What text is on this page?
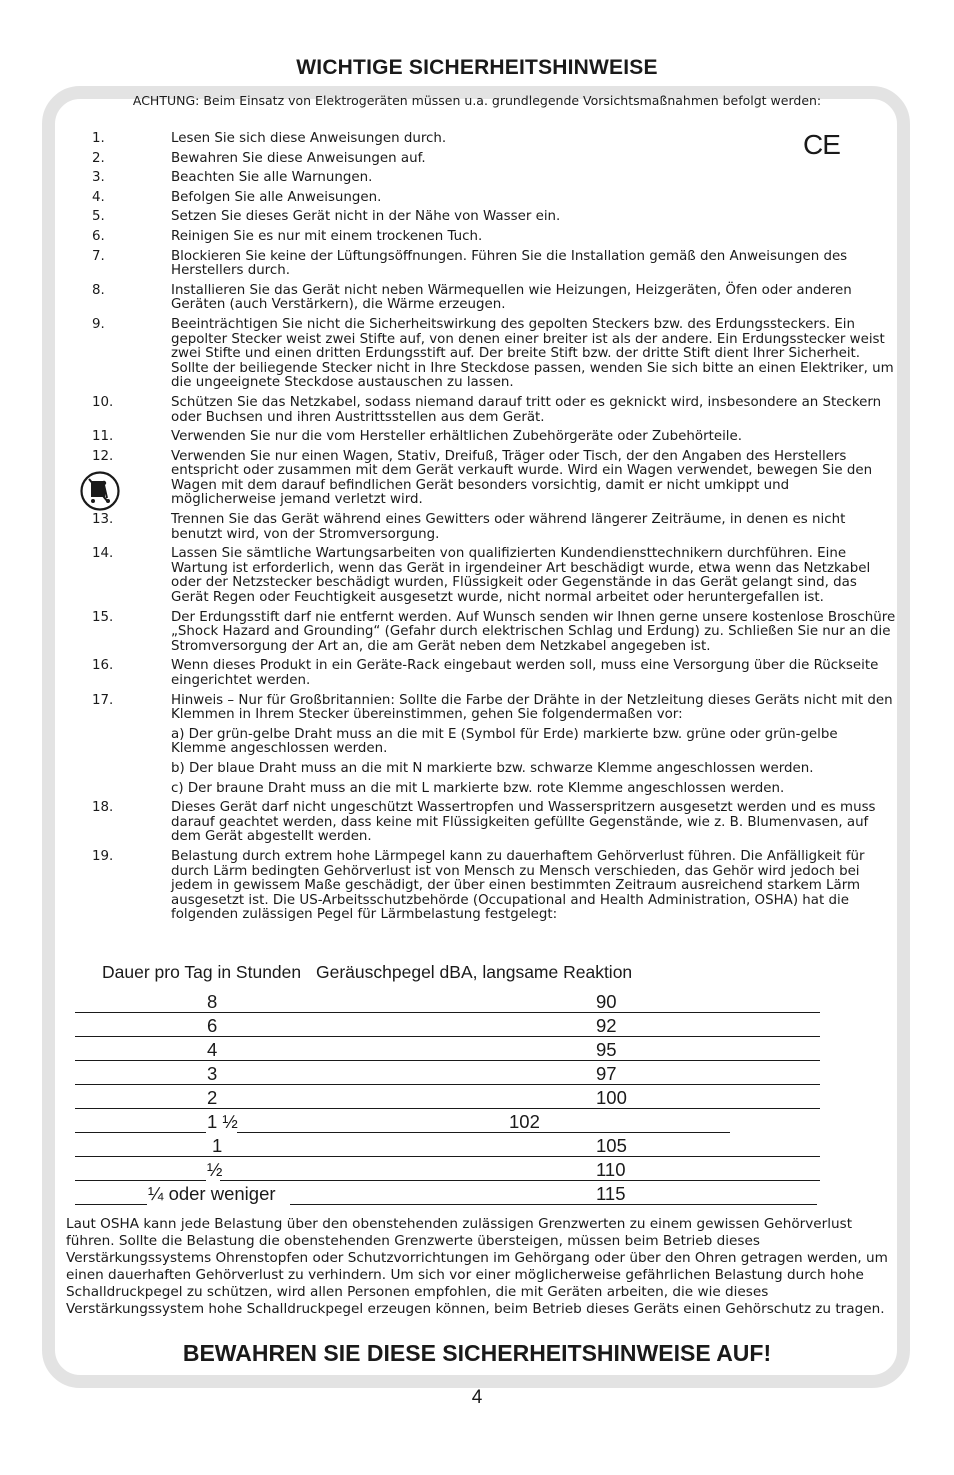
WICHTIGE SICHERHEITSHINWEISE
ACHTUNG: Beim Einsatz von Elektrogeräten müssen u.a. grundlegende Vorsichtsmaßnahmen befolgt werden:
CE
1.	Lesen Sie sich diese Anweisungen durch.
2.	Bewahren Sie diese Anweisungen auf.
3.	Beachten Sie alle Warnungen.
4.	Befolgen Sie alle Anweisungen.
5.	Setzen Sie dieses Gerät nicht in der Nähe von Wasser ein.
6.	Reinigen Sie es nur mit einem trockenen Tuch.
7.	Blockieren Sie keine der Lüftungsöffnungen. Führen Sie die Installation gemäß den Anweisungen des Herstellers durch.
8.	Installieren Sie das Gerät nicht neben Wärmequellen wie Heizungen, Heizgeräten, Öfen oder anderen Geräten (auch Verstärkern), die Wärme erzeugen.
9.	Beeinträchtigen Sie nicht die Sicherheitswirkung des gepolten Steckers bzw. des Erdungssteckers. Ein gepolter Stecker weist zwei Stifte auf, von denen einer breiter ist als der andere. Ein Erdungsstecker weist zwei Stifte und einen dritten Erdungsstift auf. Der breite Stift bzw. der dritte Stift dient Ihrer Sicherheit. Sollte der beiliegende Stecker nicht in Ihre Steckdose passen, wenden Sie sich bitte an einen Elektriker, um die ungeeignete Steckdose austauschen zu lassen.
10.	Schützen Sie das Netzkabel, sodass niemand darauf tritt oder es geknickt wird, insbesondere an Steckern oder Buchsen und ihren Austrittsstellen aus dem Gerät.
11.	Verwenden Sie nur die vom Hersteller erhältlichen Zubehörgeräte oder Zubehörteile.
12.	Verwenden Sie nur einen Wagen, Stativ, Dreifuß, Träger oder Tisch, der den Angaben des Herstellers entspricht oder zusammen mit dem Gerät verkauft wurde. Wird ein Wagen verwendet, bewegen Sie den Wagen mit dem darauf befindlichen Gerät besonders vorsichtig, damit er nicht umkippt und möglicherweise jemand verletzt wird.
13.	Trennen Sie das Gerät während eines Gewitters oder während längerer Zeiträume, in denen es nicht benutzt wird, von der Stromversorgung.
14.	Lassen Sie sämtliche Wartungsarbeiten von qualifizierten Kundendiensttechnikern durchführen. Eine Wartung ist erforderlich, wenn das Gerät in irgendeiner Art beschädigt wurde, etwa wenn das Netzkabel oder der Netzstecker beschädigt wurden, Flüssigkeit oder Gegenstände in das Gerät gelangt sind, das Gerät Regen oder Feuchtigkeit ausgesetzt wurde, nicht normal arbeitet oder heruntergefallen ist.
15.	Der Erdungsstift darf nie entfernt werden. Auf Wunsch senden wir Ihnen gerne unsere kostenlose Broschüre „Shock Hazard and Grounding“ (Gefahr durch elektrischen Schlag und Erdung) zu. Schließen Sie nur an die Stromversorgung der Art an, die am Gerät neben dem Netzkabel angegeben ist.
16.	Wenn dieses Produkt in ein Geräte-Rack eingebaut werden soll, muss eine Versorgung über die Rückseite eingerichtet werden.
17.	Hinweis – Nur für Großbritannien: Sollte die Farbe der Drähte in der Netzleitung dieses Geräts nicht mit den Klemmen in Ihrem Stecker übereinstimmen, gehen Sie folgendermaßen vor:
a) Der grün-gelbe Draht muss an die mit E (Symbol für Erde) markierte bzw. grüne oder grün-gelbe Klemme angeschlossen werden.
b) Der blaue Draht muss an die mit N markierte bzw. schwarze Klemme angeschlossen werden.
c) Der braune Draht muss an die mit L markierte bzw. rote Klemme angeschlossen werden.
18.	Dieses Gerät darf nicht ungeschützt Wassertropfen und Wasserspritzern ausgesetzt werden und es muss darauf geachtet werden, dass keine mit Flüssigkeiten gefüllte Gegenstände, wie z. B. Blumenvasen, auf dem Gerät abgestellt werden.
19.	Belastung durch extrem hohe Lärmpegel kann zu dauerhaftem Gehörverlust führen. Die Anfälligkeit für durch Lärm bedingten Gehörverlust ist von Mensch zu Mensch verschieden, das Gehör wird jedoch bei jedem in gewissem Maße geschädigt, der über einen bestimmten Zeitraum ausreichend starkem Lärm ausgesetzt ist. Die US-Arbeitsschutzbehörde (Occupational and Health Administration, OSHA) hat die folgenden zulässigen Pegel für Lärmbelastung festgelegt:
Dauer pro Tag in Stunden Geräuschpegel dBA, langsame Reaktion
8	90
6	92
4	95
3	97
2	100
1 ½	102
1	105
½	110
¼ oder weniger	115
Laut OSHA kann jede Belastung über den obenstehenden zulässigen Grenzwerten zu einem gewissen Gehörverlust führen. Sollte die Belastung die obenstehenden Grenzwerte übersteigen, müssen beim Betrieb dieses Verstärkungssystems Ohrenstopfen oder Schutzvorrichtungen im Gehörgang oder über den Ohren getragen werden, um einen dauerhaften Gehörverlust zu verhindern. Um sich vor einer möglicherweise gefährlichen Belastung durch hohe Schalldruckpegel zu schützen, wird allen Personen empfohlen, die mit Geräten arbeiten, die wie dieses Verstärkungssystem hohe Schalldruckpegel erzeugen können, beim Betrieb dieses Geräts einen Gehörschutz zu tragen.
BEWAHREN SIE DIESE SICHERHEITSHINWEISE AUF!
4
